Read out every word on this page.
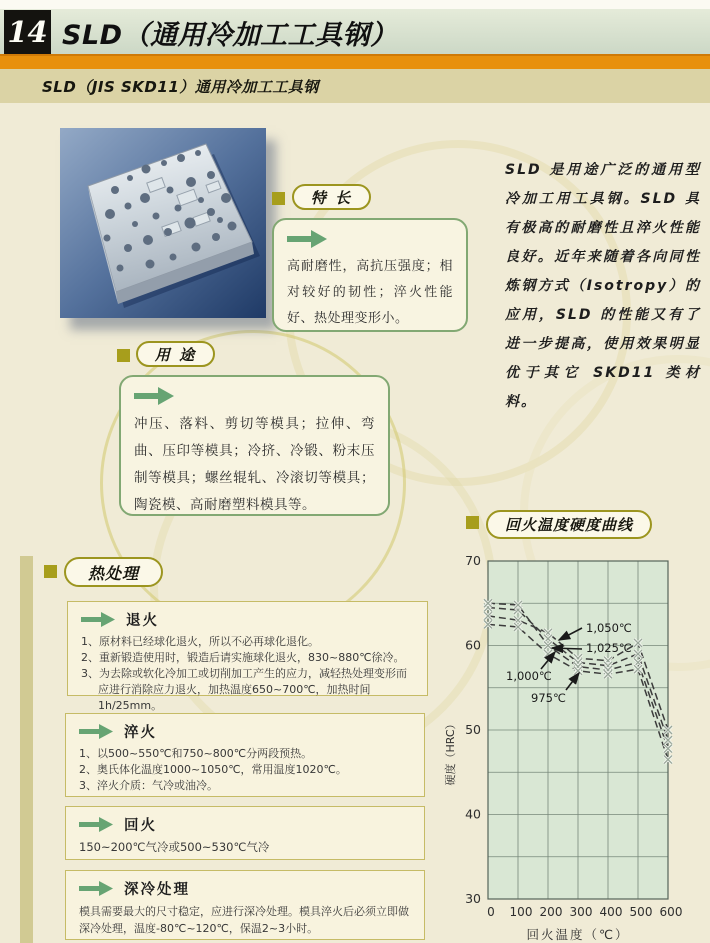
14 SLD（通用冷加工工具钢）
SLD（JIS SKD11）通用冷加工工具钢
特 长
高耐磨性，高抗压强度；相对较好的韧性；淬火性能好、热处理变形小。
用 途
冲压、落料、剪切等模具；拉伸、弯曲、压印等模具；冷挤、冷锻、粉末压制等模具；螺丝辊轧、冷滚切等模具；陶瓷模、高耐磨塑料模具等。
SLD 是用途广泛的通用型冷加工用工具钢。SLD 具有极高的耐磨性且淬火性能良好。近年来随着各向同性炼钢方式（Isotropy）的应用，SLD 的性能又有了进一步提高，使用效果明显优于其它 SKD11 类材料。
热处理
退火
1、原材料已经球化退火，所以不必再球化退化。
2、重新锻造使用时，锻造后请实施球化退火，830~880℃徐冷。
3、为去除或软化冷加工或切削加工产生的应力，减轻热处理变形而应进行消除应力退火，加热温度650~700℃，加热时间1h/25mm。
淬火
1、以500~550℃和750~800℃分两段预热。
2、奥氏体化温度1000~1050℃，常用温度1020℃。
3、淬火介质：气冷或油冷。
回火
150~200℃气冷或500~530℃气冷
深冷处理
模具需要最大的尺寸稳定，应进行深冷处理。模具淬火后必须立即做深冷处理，温度-80℃~120℃，保温2~3小时。
回火温度硬度曲线
0 100 200 300 400 500 600
30
40
50
60
70
回火温度（℃）
硬度（HRC）
1,050℃
1,025℃
1,000℃
975℃
